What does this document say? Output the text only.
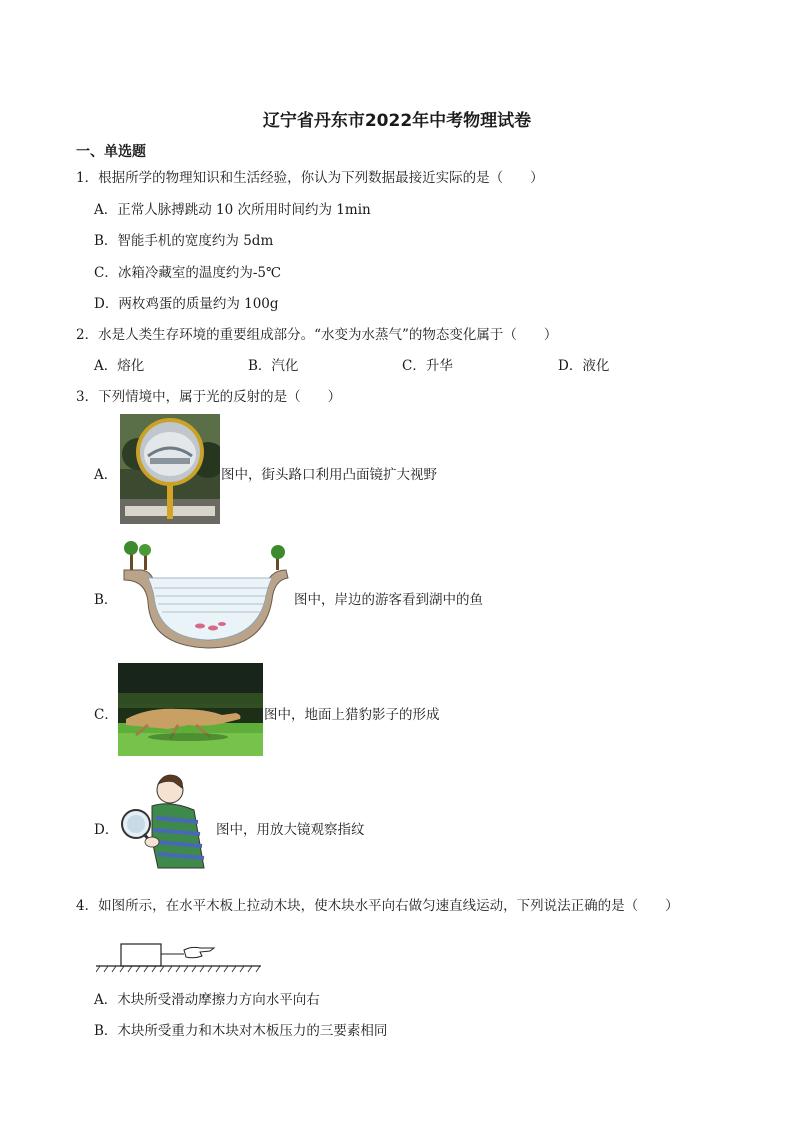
辽宁省丹东市2022年中考物理试卷
一、单选题
1．根据所学的物理知识和生活经验，你认为下列数据最接近实际的是（　　）
A．正常人脉搏跳动 10 次所用时间约为 1min
B．智能手机的宽度约为 5dm
C．冰箱冷藏室的温度约为-5℃
D．两枚鸡蛋的质量约为 100g
2．水是人类生存环境的重要组成部分。“水变为水蒸气”的物态变化属于（　　）
A．熔化	B．汽化	C．升华	D．液化
3．下列情境中，属于光的反射的是（　　）
A．	图中，街头路口利用凸面镜扩大视野
B．	图中，岸边的游客看到湖中的鱼
C．	图中，地面上猎豹影子的形成
D．	图中，用放大镜观察指纹
4．如图所示，在水平木板上拉动木块，使木块水平向右做匀速直线运动，下列说法正确的是（　　）
A．木块所受滑动摩擦力方向水平向右
B．木块所受重力和木块对木板压力的三要素相同
